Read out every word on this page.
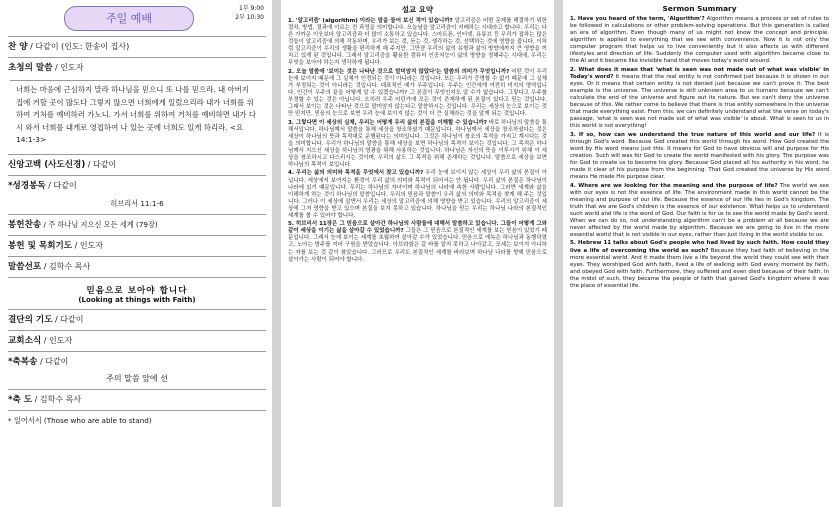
주일 예배
1부 9:00
2부 10:30
찬 양 / 다같이 (인도: 한송이 집사)
초청의 말씀 / 인도자
너희는 마음에 근심하지 말라 하나님을 믿으니 또 나를 믿으라. 내 아버지 집에 거할 곳이 많도다 그렇지 않으면 너희에게 일렀으리라 내가 너희를 위하여 거처를 예비하러 가노니. 가서 너희를 위하여 거처를 예비하면 내가 다시 와서 너희를 내게로 영접하여 나 있는 곳에 너희도 있게 하리라. <요 14:1-3>
신앙고백 (사도신경) / 다같이
*성경봉독 / 다같이
히브리서 11:1-6
봉헌찬송 / 주 하나님 지으신 모든 세계 (79장)
봉헌 및 목회기도 / 인도자
말씀선포 / 김학수 목사
믿음으로 보아야 합니다
(Looking at things with Faith)
결단의 기도 / 다같이
교회소식 / 인도자
*축복송 / 다같이
주의 말씀 앞에 선
*축 도 / 김학수 목사
* 일어서서 (Those who are able to stand)
설교 요약

1. '알고리즘' (algorithm) 이라는 말을 들어 보신 적이 있습니까? 알고리즘은 어떤 문제를 해결하기 위한 절차, 방법, 결과에 이르는 전 과정을 의미합니다. 오늘날을 알고리즘이 지배하는 시대라고 합니다. 우리는 다른 가까운 이웃보다 알고리즘과 더 많이 소통하고 있습니다. 스마트폰, 인터넷, 유튜브 등 우리가 접하는 많은 것들이 알고리즘에 의해 작동하며, 우리가 보는 것, 듣는 것, 생각하는 것, 선택하는 것에 영향을 줍니다. 이처럼 알고리즘이 우리의 생활을 편리하게 해 주지만, 그만큼 우리의 삶의 유형과 삶의 방향에까지 큰 영향을 끼치고 있게 된 것입니다. 그래서 알고리즘을 활용한 컴퓨터 인공지능이 삶의 방향을 정해주는 시대에, 우리는 무엇을 보아야 하는지 생각하게 됩니다.

2. 오늘 말씀에 '보이는 것은 나타난 것으로 말미암지 않았다'는 말씀의 의미가 무엇입니까? 어떤 것이 우리 눈에 보이지 때문에 그 실체가 인정되는 것이 아니라는 것입니다. 또는 우리가 증명할 수 없기 때문에 그 실체가 부정되는 것이 아니라는 것입니다. 대표적인 예가 우주입니다. 우주는 인간에게 여전히 미지의 영역입니다. 인간이 우주의 끝을 어떻게 알 수 있겠습니까? 그 본질이 무엇인지도 알 수가 없습니다. 그렇다고 우주를 부정할 수 있는 것은 아닙니다. 오히려 우주 어딘가에 모든 것이 존재하게 된 본질이 있다고 믿는 것입니다. 그래서 보이는 것은 나타난 것으로 말미암지 않는다고 말씀하시는 것입니다. 우리는 세상의 눈으로 보이는 것만 믿지만, 믿음의 눈으로 보면 우리 눈에 보이지 않는 것이 더 큰 실체라는 것을 알게 되는 것입니다.

3. 그렇다면 이 세상의 실체, 우리는 어떻게 우리 삶의 본질을 이해할 수 있습니까? 바로 하나님의 말씀을 통해서입니다. 하나님께서 말씀을 통해 세상을 창조하셨기 때문입니다. 하나님께서 세상을 창조하셨다는 것은 세상이 하나님의 뜻과 목적대로 운행된다는 의미입니다. 그것은 하나님이 창조의 목적을 가지고 계시다는 것을 의미합니다. 우리가 하나님의 말씀을 통해 세상을 보면 하나님의 목적이 보이는 것입니다. 그 목적은 하나님께서 지으신 세상을 하나님의 영광을 위해 사용하는 것입니다. 하나님은 자신의 뜻을 이루시기 위해 이 세상을 창조하시고 다스리시는 것이며, 우리의 삶도 그 목적을 위해 존재하는 것입니다. 말씀으로 세상을 보면 하나님의 목적이 보입니다.

4. 우리는 삶의 의미와 목적을 무엇에서 찾고 있습니까? 우리 눈에 보이지 않는 세상이 우리 삶의 본질이 아닙니다. 세상에서 보여지는 환경이 우리 삶의 의미와 목적이 되어서는 안 됩니다. 우리 삶의 본질은 하나님이 나라에 있기 때문입니다. 우리는 하나님의 자녀이며 하나님의 나라에 속한 사람입니다. 그러면 세계와 삶을 이해하게 하는 것이 하나님의 말씀입니다. 우리의 믿음과 말씀이 우리 삶의 의미와 목적을 찾게 해 주는 것입니다. 그러나 이 세상에 살면서 우리는 세상의 알고리즘에 의해 영향을 받고 있습니다. 우리의 알고리즘이 세상에 그저 영향을 받고 있으며 본질을 보지 못하고 있습니다. 하나님을 믿는 우리는 하나님 나라의 본질적인 세계를 볼 수 있어야 합니다.

5. 히브리서 11장은 그 믿음으로 살아간 하나님의 사람들에 대해서 말씀하고 있습니다. 그들이 어떻게 그와 같이 세상을 이기는 삶을 살아갈 수 있었습니까? 그들은 그 믿음으로 본질적인 세계를 보는 믿음이 있었기 때문입니다. 그래서 눈에 보이는 세계를 초월하여 살아갈 수가 있었습니다. 믿음으로 에녹은 하나님과 동행하였고, 노아는 방주를 지어 구원을 받았습니다. 아브라함은 갈 바를 알지 못하고 나아갔고, 모세는 보이지 아니하는 자를 보는 것 같이 참았습니다. 그러므로 우리도 본질적인 세계를 바라보며 하나님 나라를 향해 믿음으로 살아가는 사람이 되어야 합니다.

Sermon Summary

1. Have you heard of the term, 'Algorithm'? Algorithm means a process or set of rules to be followed in calculations or other problem-solving operations. But this generation is called an era of algorithm. Even though many of us might not know the concept and principle, algorithm is applied to everything that we see with convenience. Now it is not only the computer program that helps us to live conveniently but it also affects us with different lifestyles and direction of life. Suddenly the computer used with algorithm became close to the AI and it became like invisible hand that moves today's world around.

2. What does it mean that 'what is seen was not made out of what was visible' in Today's word? It means that the real entity is not confirmed just because it is shown in our eyes. Or it means that certain entity is not denied just because we can't prove it. The best example is the universe. The universe is still unknown area to us humans because we can't calculate the end of the universe and figure out its nature. But we can't deny the universe because of this. We rather come to believe that there is true entity somewhere in the universe that made everything exist. From this, we can definitely understand what the verse on today's passage, 'what is seen was not made out of what was visible' is about. What is seen to us in this world is not everything!

3. If so, how can we understand the true nature of this world and our life? It is through God's word. Because God created this world through his word. How God created the word by His word means just this. It means for God to have obvious will and purpose for His creation. Such will was for God to create the world manifested with his glory. The purpose was for God to create us to become his glory. Because God placed all his authority in his word, he made it clear of his purpose from the beginning. That God created the universe by His word means He made His purpose clear.

4. Where are we looking for the meaning and the purpose of life? The world we see with our eyes is not the essence of life. The environment made in this world cannot be the meaning and purpose of our life. Because the essence of our life lies in God's kingdom. The truth that we are God's children is the essence of our existence. What helps us to understand such world and life is the word of God. Our faith is for us to see the world made by God's word. When we can do so, not understanding algorithm can't be a problem at all because we are never affected by the world made by algorithm. Because we are going to live in the more essential world that is not visible in our eyes, rather than just living in the world visible to us.

5. Hebrew 11 talks about God's people who had lived by such faith. How could they live a life of overcoming the world as such? Because they had faith of believing in the more essential world. And it made them live a life beyond the world they could see with their eyes. They worshiped God with faith, lived a life of walking with God every moment by faith, and obeyed God with faith. Furthermore, they suffered and even died because of their faith. In the midst of such, they became the people of faith that gained God's kingdom where it was the place of essential life.
